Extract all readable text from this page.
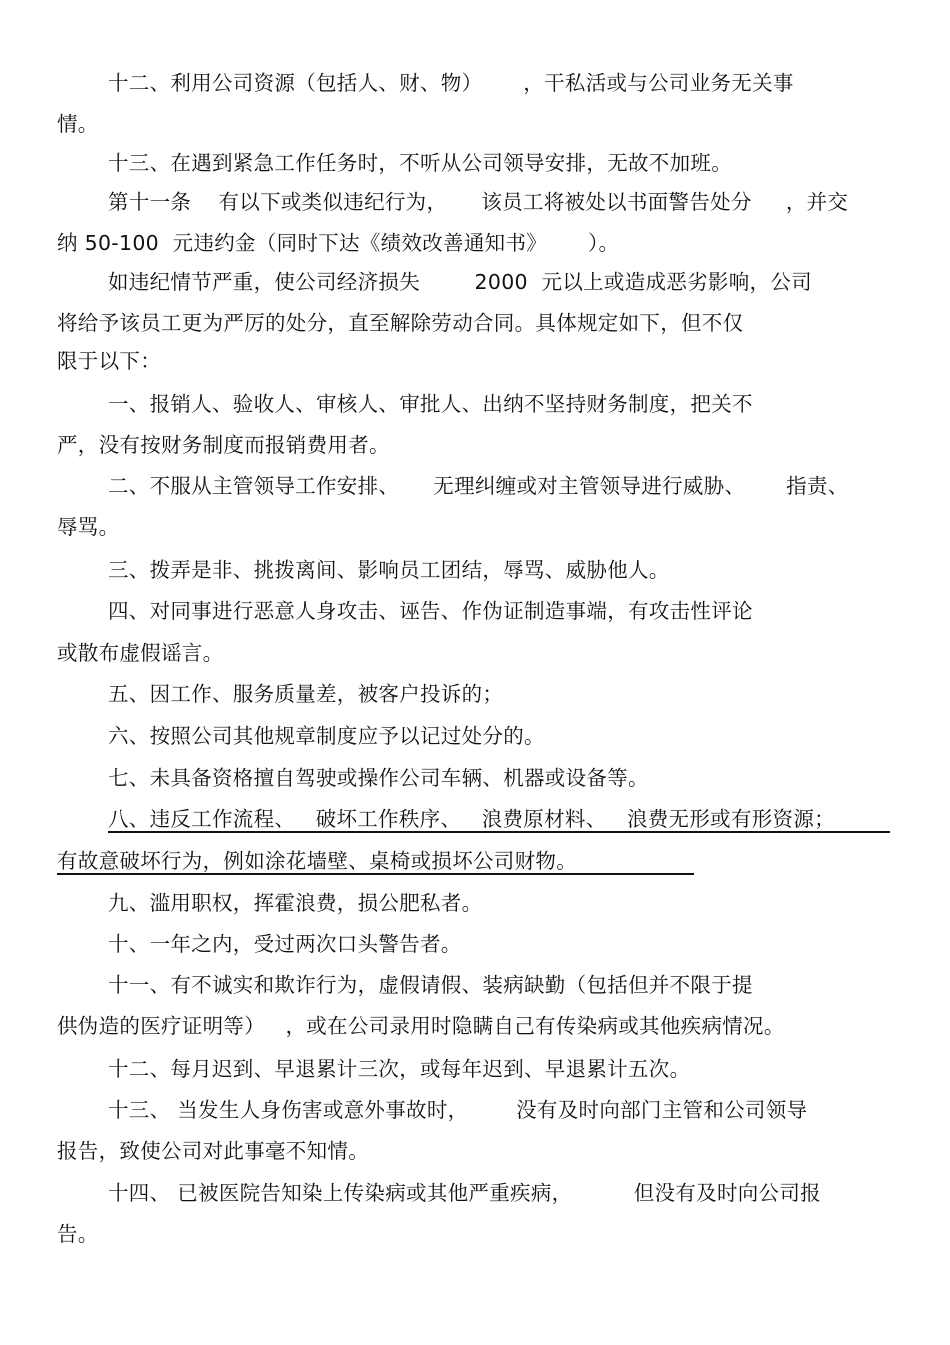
十二、利用公司资源（包括人、财、物）      ，干私活或与公司业务无关事
情。
十三、在遇到紧急工作任务时，不听从公司领导安排，无故不加班。
第十一条    有以下或类似违纪行为，     该员工将被处以书面警告处分     ，并交
纳 50-100  元违约金（同时下达《绩效改善通知书》      ）。
如违纪情节严重，使公司经济损失        2000  元以上或造成恶劣影响，公司
将给予该员工更为严厉的处分，直至解除劳动合同。具体规定如下，但不仅
限于以下：
一、报销人、验收人、审核人、审批人、出纳不坚持财务制度，把关不
严，没有按财务制度而报销费用者。
二、不服从主管领导工作安排、     无理纠缠或对主管领导进行威胁、      指责、
辱骂。
三、拨弄是非、挑拨离间、影响员工团结，辱骂、威胁他人。
四、对同事进行恶意人身攻击、诬告、作伪证制造事端，有攻击性评论
或散布虚假谣言。
五、因工作、服务质量差，被客户投诉的；
六、按照公司其他规章制度应予以记过处分的。
七、未具备资格擅自驾驶或操作公司车辆、机器或设备等。
八、违反工作流程、   破坏工作秩序、   浪费原材料、   浪费无形或有形资源；
有故意破坏行为，例如涂花墙壁、桌椅或损坏公司财物。
九、滥用职权，挥霍浪费，损公肥私者。
十、一年之内，受过两次口头警告者。
十一、有不诚实和欺诈行为，虚假请假、装病缺勤（包括但并不限于提
供伪造的医疗证明等）   ，或在公司录用时隐瞒自己有传染病或其他疾病情况。
十二、每月迟到、早退累计三次，或每年迟到、早退累计五次。
十三、 当发生人身伤害或意外事故时，       没有及时向部门主管和公司领导
报告，致使公司对此事毫不知情。
十四、 已被医院告知染上传染病或其他严重疾病，         但没有及时向公司报
告。
